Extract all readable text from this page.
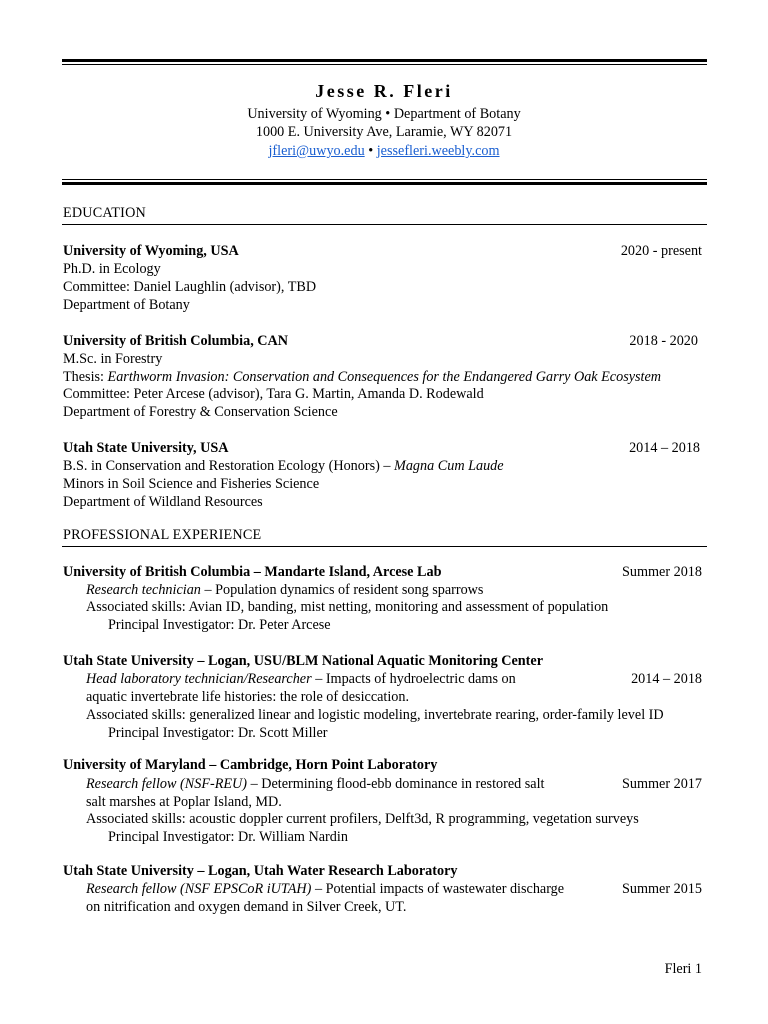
Jesse R. Fleri
University of Wyoming • Department of Botany
1000 E. University Ave, Laramie, WY 82071
jfleri@uwyo.edu • jessefleri.weebly.com
EDUCATION
University of Wyoming, USA	2020 - present
Ph.D. in Ecology
Committee: Daniel Laughlin (advisor), TBD
Department of Botany
University of British Columbia, CAN	2018 - 2020
M.Sc. in Forestry
Thesis: Earthworm Invasion: Conservation and Consequences for the Endangered Garry Oak Ecosystem
Committee: Peter Arcese (advisor), Tara G. Martin, Amanda D. Rodewald
Department of Forestry & Conservation Science
Utah State University, USA	2014 – 2018
B.S. in Conservation and Restoration Ecology (Honors) – Magna Cum Laude
Minors in Soil Science and Fisheries Science
Department of Wildland Resources
PROFESSIONAL EXPERIENCE
University of British Columbia – Mandarte Island, Arcese Lab	Summer 2018
Research technician – Population dynamics of resident song sparrows
Associated skills: Avian ID, banding, mist netting, monitoring and assessment of population
Principal Investigator: Dr. Peter Arcese
Utah State University – Logan, USU/BLM National Aquatic Monitoring Center
Head laboratory technician/Researcher – Impacts of hydroelectric dams on	2014 – 2018
aquatic invertebrate life histories: the role of desiccation.
Associated skills: generalized linear and logistic modeling, invertebrate rearing, order-family level ID
Principal Investigator: Dr. Scott Miller
University of Maryland – Cambridge, Horn Point Laboratory
Research fellow (NSF-REU) – Determining flood-ebb dominance in restored salt	Summer 2017
salt marshes at Poplar Island, MD.
Associated skills: acoustic doppler current profilers, Delft3d, R programming, vegetation surveys
Principal Investigator: Dr. William Nardin
Utah State University – Logan, Utah Water Research Laboratory
Research fellow (NSF EPSCoR iUTAH) – Potential impacts of wastewater discharge	Summer 2015
on nitrification and oxygen demand in Silver Creek, UT.
Fleri 1
